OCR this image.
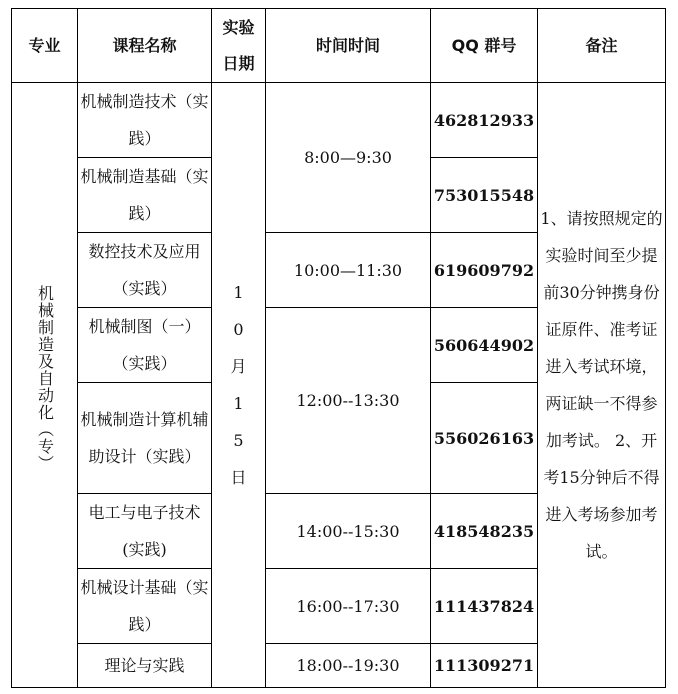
专业	课程名称	实验日期	时间时间	QQ 群号	备注
机械制造及自动化（专）	机械制造技术（实践）	10月15日	8:00—9:30	462812933	1、请按照规定的实验时间至少提前30分钟携身份证原件、准考证进入考试环境，两证缺一不得参加考试。 2、开考15分钟后不得进入考场参加考试。
	机械制造基础（实践）			753015548	
	数控技术及应用（实践）		10:00—11:30	619609792	
	机械制图（一）（实践）		12:00--13:30	560644902	
	机械制造计算机辅助设计（实践）			556026163	
	电工与电子技术(实践)		14:00--15:30	418548235	
	机械设计基础（实践）		16:00--17:30	111437824	
	理论与实践		18:00--19:30	111309271	
